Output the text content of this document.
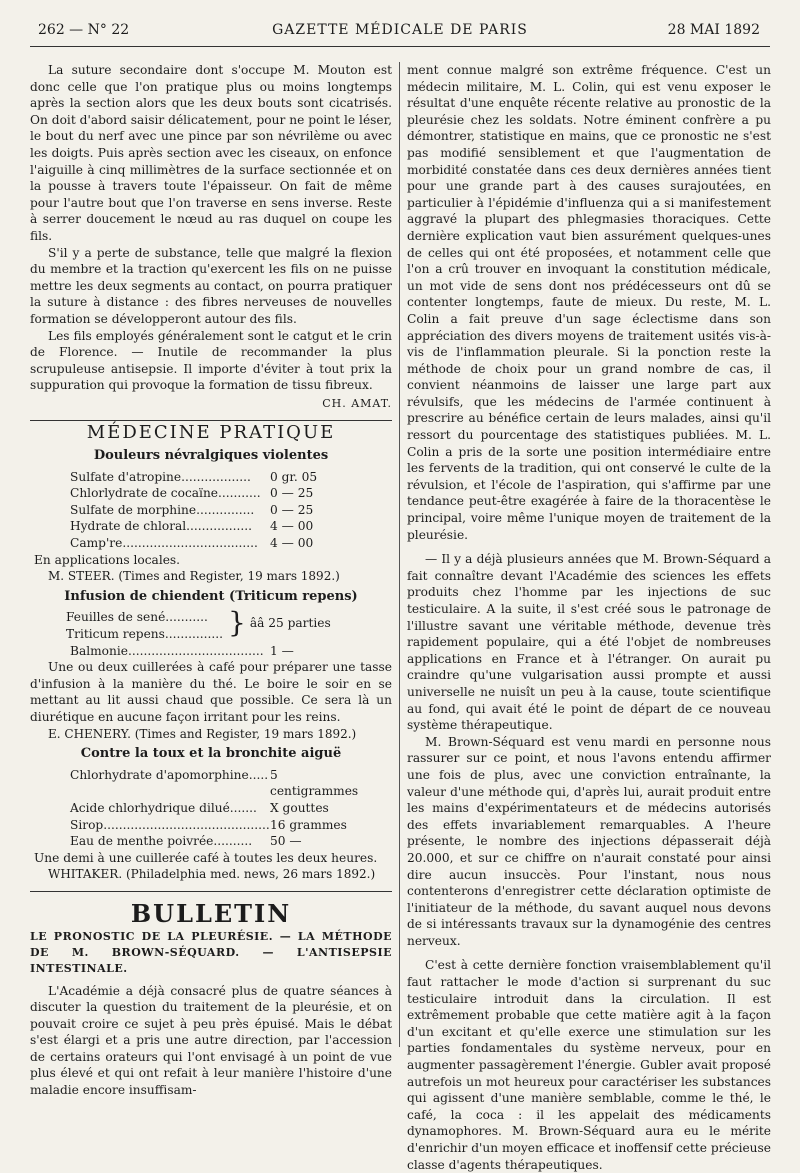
262 — N° 22	GAZETTE MÉDICALE DE PARIS	28 MAI 1892

La suture secondaire dont s'occupe M. Mouton est donc celle que l'on pratique plus ou moins longtemps après la section alors que les deux bouts sont cicatrisés. On doit d'abord saisir délicatement, pour ne point le léser, le bout du nerf avec une pince par son névrilème ou avec les doigts. Puis après section avec les ciseaux, on enfonce l'aiguille à cinq millimètres de la surface sectionnée et on la pousse à travers toute l'épaisseur. On fait de même pour l'autre bout que l'on traverse en sens inverse. Reste à serrer doucement le nœud au ras duquel on coupe les fils.

S'il y a perte de substance, telle que malgré la flexion du membre et la traction qu'exercent les fils on ne puisse mettre les deux segments au contact, on pourra pratiquer la suture à distance : des fibres nerveuses de nouvelles formation se développeront autour des fils.

Les fils employés généralement sont le catgut et le crin de Florence. — Inutile de recommander la plus scrupuleuse antisepsie. Il importe d'éviter à tout prix la suppuration qui provoque la formation de tissu fibreux.

CH. AMAT.
MÉDECINE PRATIQUE
Douleurs névralgiques violentes
Sulfate d'atropine..................	0 gr. 05
Chlorlydrate de cocaïne........... 0 — 25
Sulfate de morphine...............	0 — 25
Hydrate de chloral.................	4 — 00
Camp're................................... 4 — 00

En applications locales.

M. STEER. (Times and Register, 19 mars 1892.)

Infusion de chiendent (Triticum repens)
Feuilles de sené...........
Triticum repens............... } ââ 25 parties
Balmonie................................... 1 —

Une ou deux cuillerées à café pour préparer une tasse d'infusion à la manière du thé. Le boire le soir en se mettant au lit aussi chaud que possible. Ce sera là un diurétique en aucune façon irritant pour les reins.

E. CHENERY. (Times and Register, 19 mars 1892.)

Contre la toux et la bronchite aiguë
Chlorhydrate d'apomorphine..... 5 centigrammes
Acide chlorhydrique dilué.......	X gouttes
Sirop........................................... 16 grammes
Eau de menthe poivrée..........	50 —

Une demi à une cuillerée café à toutes les deux heures.

WHITAKER. (Philadelphia med. news, 26 mars 1892.)

BULLETIN
LE PRONOSTIC DE LA PLEURÉSIE. — LA MÉTHODE DE M. BROWN-SÉQUARD. — L'ANTISEPSIE INTESTINALE.

L'Académie a déjà consacré plus de quatre séances à discuter la question du traitement de la pleurésie, et on pouvait croire ce sujet à peu près épuisé. Mais le débat s'est élargi et a pris une autre direction, par l'accession de certains orateurs qui l'ont envisagé à un point de vue plus élevé et qui ont refait à leur manière l'histoire d'une maladie encore insuffisam-

ment connue malgré son extrême fréquence. C'est un médecin militaire, M. L. Colin, qui est venu exposer le résultat d'une enquête récente relative au pronostic de la pleurésie chez les soldats. Notre éminent confrère a pu démontrer, statistique en mains, que ce pronostic ne s'est pas modifié sensiblement et que l'augmentation de morbidité constatée dans ces deux dernières années tient pour une grande part à des causes surajoutées, en particulier à l'épidémie d'influenza qui a si manifestement aggravé la plupart des phlegmasies thoraciques. Cette dernière explication vaut bien assurément quelques-unes de celles qui ont été proposées, et notamment celle que l'on a crû trouver en invoquant la constitution médicale, un mot vide de sens dont nos prédécesseurs ont dû se contenter longtemps, faute de mieux. Du reste, M. L. Colin a fait preuve d'un sage éclectisme dans son appréciation des divers moyens de traitement usités vis-à-vis de l'inflammation pleurale. Si la ponction reste la méthode de choix pour un grand nombre de cas, il convient néanmoins de laisser une large part aux révulsifs, que les médecins de l'armée continuent à prescrire au bénéfice certain de leurs malades, ainsi qu'il ressort du pourcentage des statistiques publiées. M. L. Colin a pris de la sorte une position intermédiaire entre les fervents de la tradition, qui ont conservé le culte de la révulsion, et l'école de l'aspiration, qui s'affirme par une tendance peut-être exagérée à faire de la thoracentèse le principal, voire même l'unique moyen de traitement de la pleurésie.

— Il y a déjà plusieurs années que M. Brown-Séquard a fait connaître devant l'Académie des sciences les effets produits chez l'homme par les injections de suc testiculaire. A la suite, il s'est créé sous le patronage de l'illustre savant une véritable méthode, devenue très rapidement populaire, qui a été l'objet de nombreuses applications en France et à l'étranger. On aurait pu craindre qu'une vulgarisation aussi prompte et aussi universelle ne nuisît un peu à la cause, toute scientifique au fond, qui avait été le point de départ de ce nouveau système thérapeutique.

M. Brown-Séquard est venu mardi en personne nous rassurer sur ce point, et nous l'avons entendu affirmer une fois de plus, avec une conviction entraînante, la valeur d'une méthode qui, d'après lui, aurait produit entre les mains d'expérimentateurs et de médecins autorisés des effets invariablement remarquables. A l'heure présente, le nombre des injections dépasserait déjà 20.000, et sur ce chiffre on n'aurait constaté pour ainsi dire aucun insuccès. Pour l'instant, nous nous contenterons d'enregistrer cette déclaration optimiste de l'initiateur de la méthode, du savant auquel nous devons de si intéressants travaux sur la dynamogénie des centres nerveux.

C'est à cette dernière fonction vraisemblablement qu'il faut rattacher le mode d'action si surprenant du suc testiculaire introduit dans la circulation. Il est extrêmement probable que cette matière agit à la façon d'un excitant et qu'elle exerce une stimulation sur les parties fondamentales du système nerveux, pour en augmenter passagèrement l'énergie. Gubler avait proposé autrefois un mot heureux pour caractériser les substances qui agissent d'une manière semblable, comme le thé, le café, la coca : il les appelait des médicaments dynamophores. M. Brown-Séquard aura eu le mérite d'enrichir d'un moyen efficace et inoffensif cette précieuse classe d'agents thérapeutiques.
